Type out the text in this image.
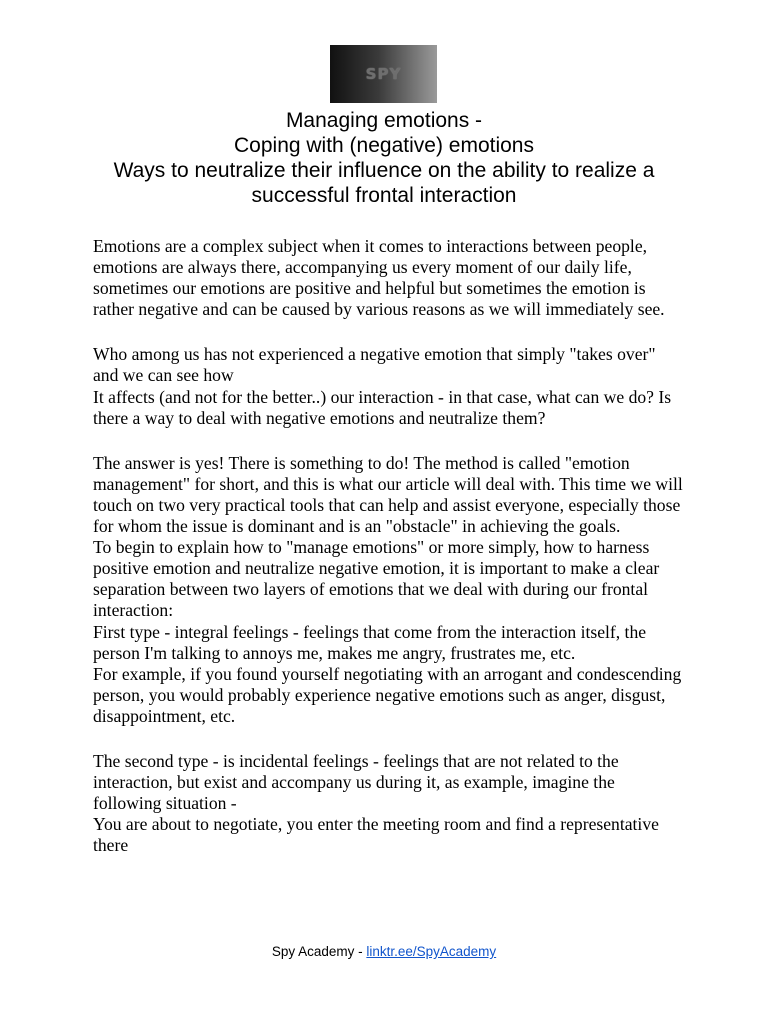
SPY
Managing emotions -
Coping with (negative) emotions
Ways to neutralize their influence on the ability to realize a
successful frontal interaction

Emotions are a complex subject when it comes to interactions between people, emotions are always there, accompanying us every moment of our daily life, sometimes our emotions are positive and helpful but sometimes the emotion is rather negative and can be caused by various reasons as we will immediately see.

Who among us has not experienced a negative emotion that simply "takes over" and we can see how

It affects (and not for the better..) our interaction - in that case, what can we do? Is there a way to deal with negative emotions and neutralize them?

The answer is yes! There is something to do! The method is called "emotion management" for short, and this is what our article will deal with. This time we will touch on two very practical tools that can help and assist everyone, especially those for whom the issue is dominant and is an "obstacle" in achieving the goals.

To begin to explain how to "manage emotions" or more simply, how to harness positive emotion and neutralize negative emotion, it is important to make a clear separation between two layers of emotions that we deal with during our frontal interaction:

First type - integral feelings - feelings that come from the interaction itself, the person I'm talking to annoys me, makes me angry, frustrates me, etc.

For example, if you found yourself negotiating with an arrogant and condescending person, you would probably experience negative emotions such as anger, disgust, disappointment, etc.

The second type - is incidental feelings - feelings that are not related to the interaction, but exist and accompany us during it, as example, imagine the following situation -

You are about to negotiate, you enter the meeting room and find a representative there

Spy Academy - linktr.ee/SpyAcademy
